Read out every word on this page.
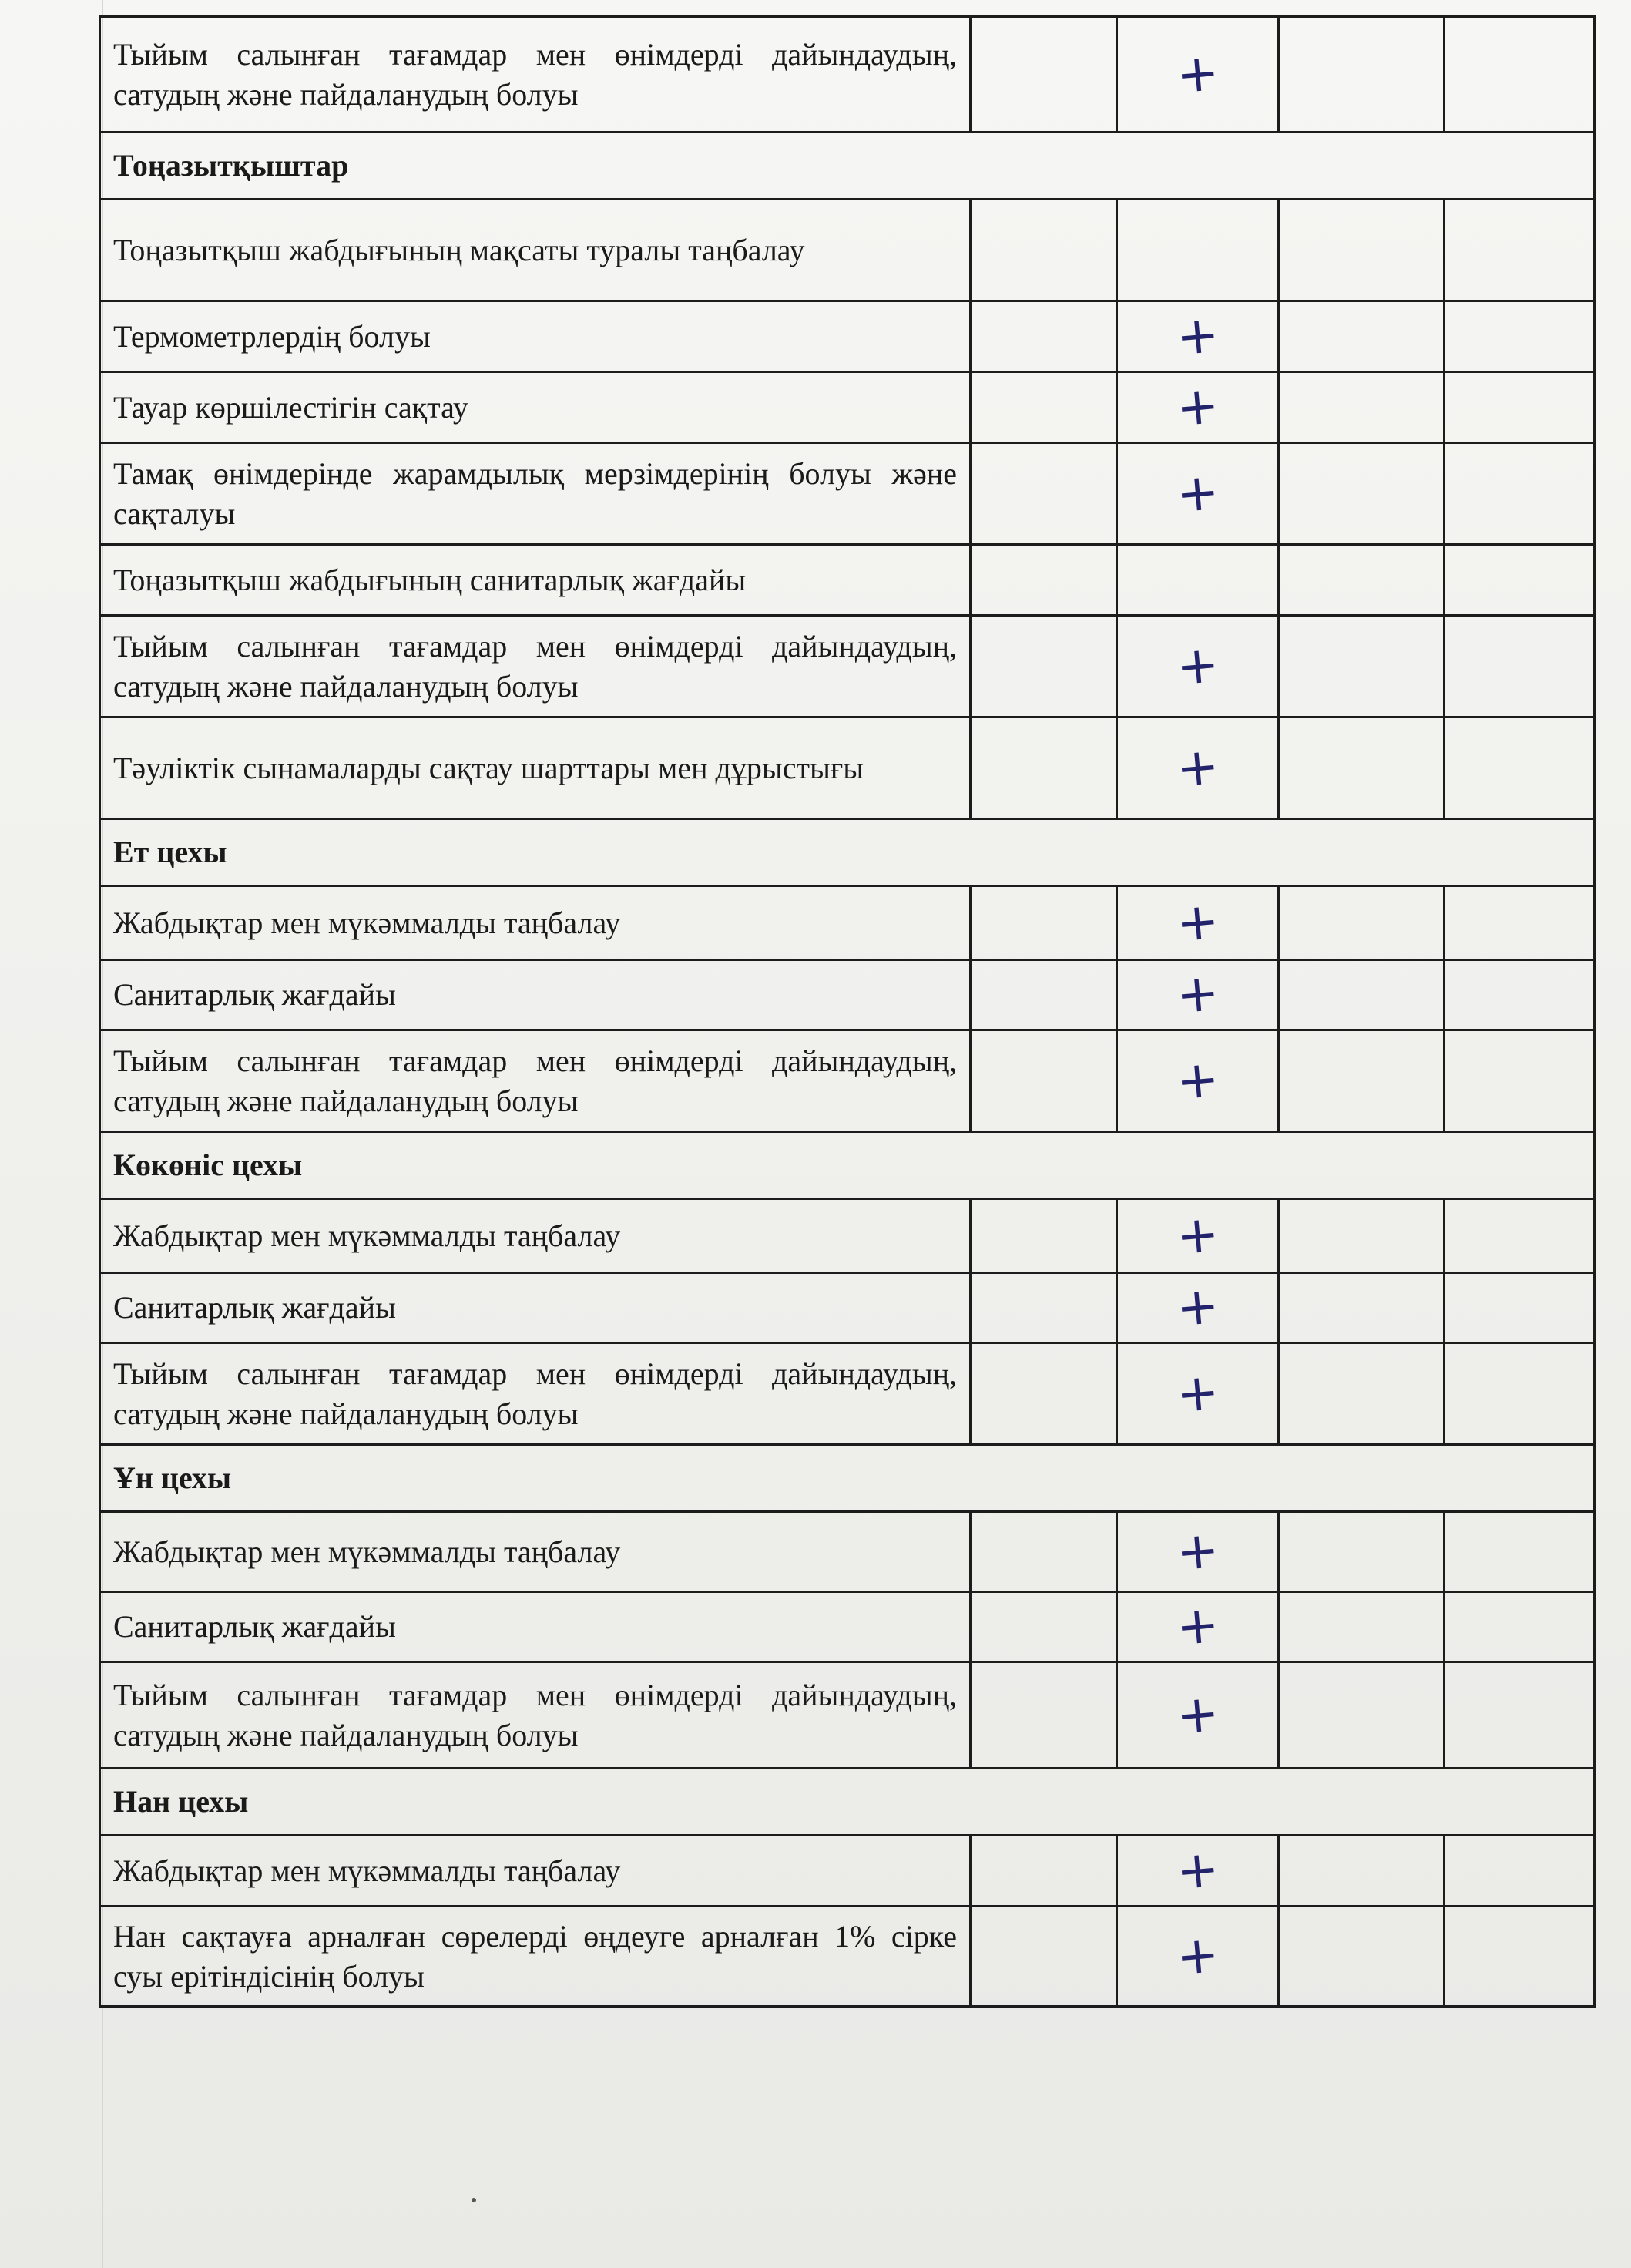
Тыйым салынған тағамдар мен өнімдерді дайындаудың, сатудың және пайдаланудың болуы		+		
Тоңазытқыштар				
Тоңазытқыш жабдығының мақсаты туралы таңбалау				
Термометрлердің болуы		+		
Тауар көршілестігін сақтау		+		
Тамақ өнімдерінде жарамдылық мерзімдерінің болуы және сақталуы		+		
Тоңазытқыш жабдығының санитарлық жағдайы				
Тыйым салынған тағамдар мен өнімдерді дайындаудың, сатудың және пайдаланудың болуы		+		
Тәуліктік сынамаларды сақтау шарттары мен дұрыстығы		+		
Ет цехы				
Жабдықтар мен мүкәммалды таңбалау		+		
Санитарлық жағдайы		+		
Тыйым салынған тағамдар мен өнімдерді дайындаудың, сатудың және пайдаланудың болуы		+		
Көкөніс цехы				
Жабдықтар мен мүкәммалды таңбалау		+		
Санитарлық жағдайы		+		
Тыйым салынған тағамдар мен өнімдерді дайындаудың, сатудың және пайдаланудың болуы		+		
Ұн цехы				
Жабдықтар мен мүкәммалды таңбалау		+		
Санитарлық жағдайы		+		
Тыйым салынған тағамдар мен өнімдерді дайындаудың, сатудың және пайдаланудың болуы		+		
Нан цехы				
Жабдықтар мен мүкәммалды таңбалау		+		
Нан сақтауға арналған сөрелерді өңдеуге арналған 1% сірке суы ерітіндісінің болуы		+		
